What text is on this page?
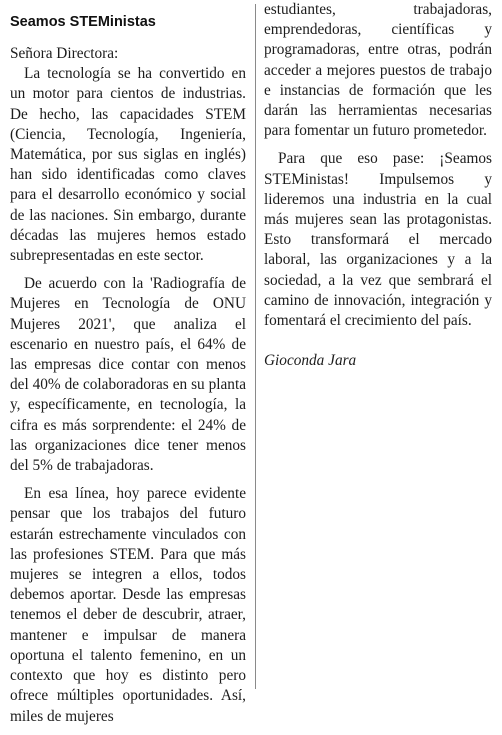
Seamos STEMinistas
Señora Directora:

La tecnología se ha convertido en un motor para cientos de industrias. De hecho, las capacidades STEM (Ciencia, Tecnología, Ingeniería, Matemática, por sus siglas en inglés) han sido identificadas como claves para el desarrollo económico y social de las naciones. Sin embargo, durante décadas las mujeres hemos estado subrepresentadas en este sector.

De acuerdo con la 'Radiografía de Mujeres en Tecnología de ONU Mujeres 2021', que analiza el escenario en nuestro país, el 64% de las empresas dice contar con menos del 40% de colaboradoras en su planta y, específicamente, en tecnología, la cifra es más sorprendente: el 24% de las organizaciones dice tener menos del 5% de trabajadoras.

En esa línea, hoy parece evidente pensar que los trabajos del futuro estarán estrechamente vinculados con las profesiones STEM. Para que más mujeres se integren a ellos, todos debemos aportar. Desde las empresas tenemos el deber de descubrir, atraer, mantener e impulsar de manera oportuna el talento femenino, en un contexto que hoy es distinto pero ofrece múltiples oportunidades. Así, miles de mujeres

estudiantes, trabajadoras, emprendedoras, científicas y programadoras, entre otras, podrán acceder a mejores puestos de trabajo e instancias de formación que les darán las herramientas necesarias para fomentar un futuro prometedor.

Para que eso pase: ¡Seamos STEMinistas! Impulsemos y lideremos una industria en la cual más mujeres sean las protagonistas. Esto transformará el mercado laboral, las organizaciones y a la sociedad, a la vez que sembrará el camino de innovación, integración y fomentará el crecimiento del país.

Gioconda Jara
